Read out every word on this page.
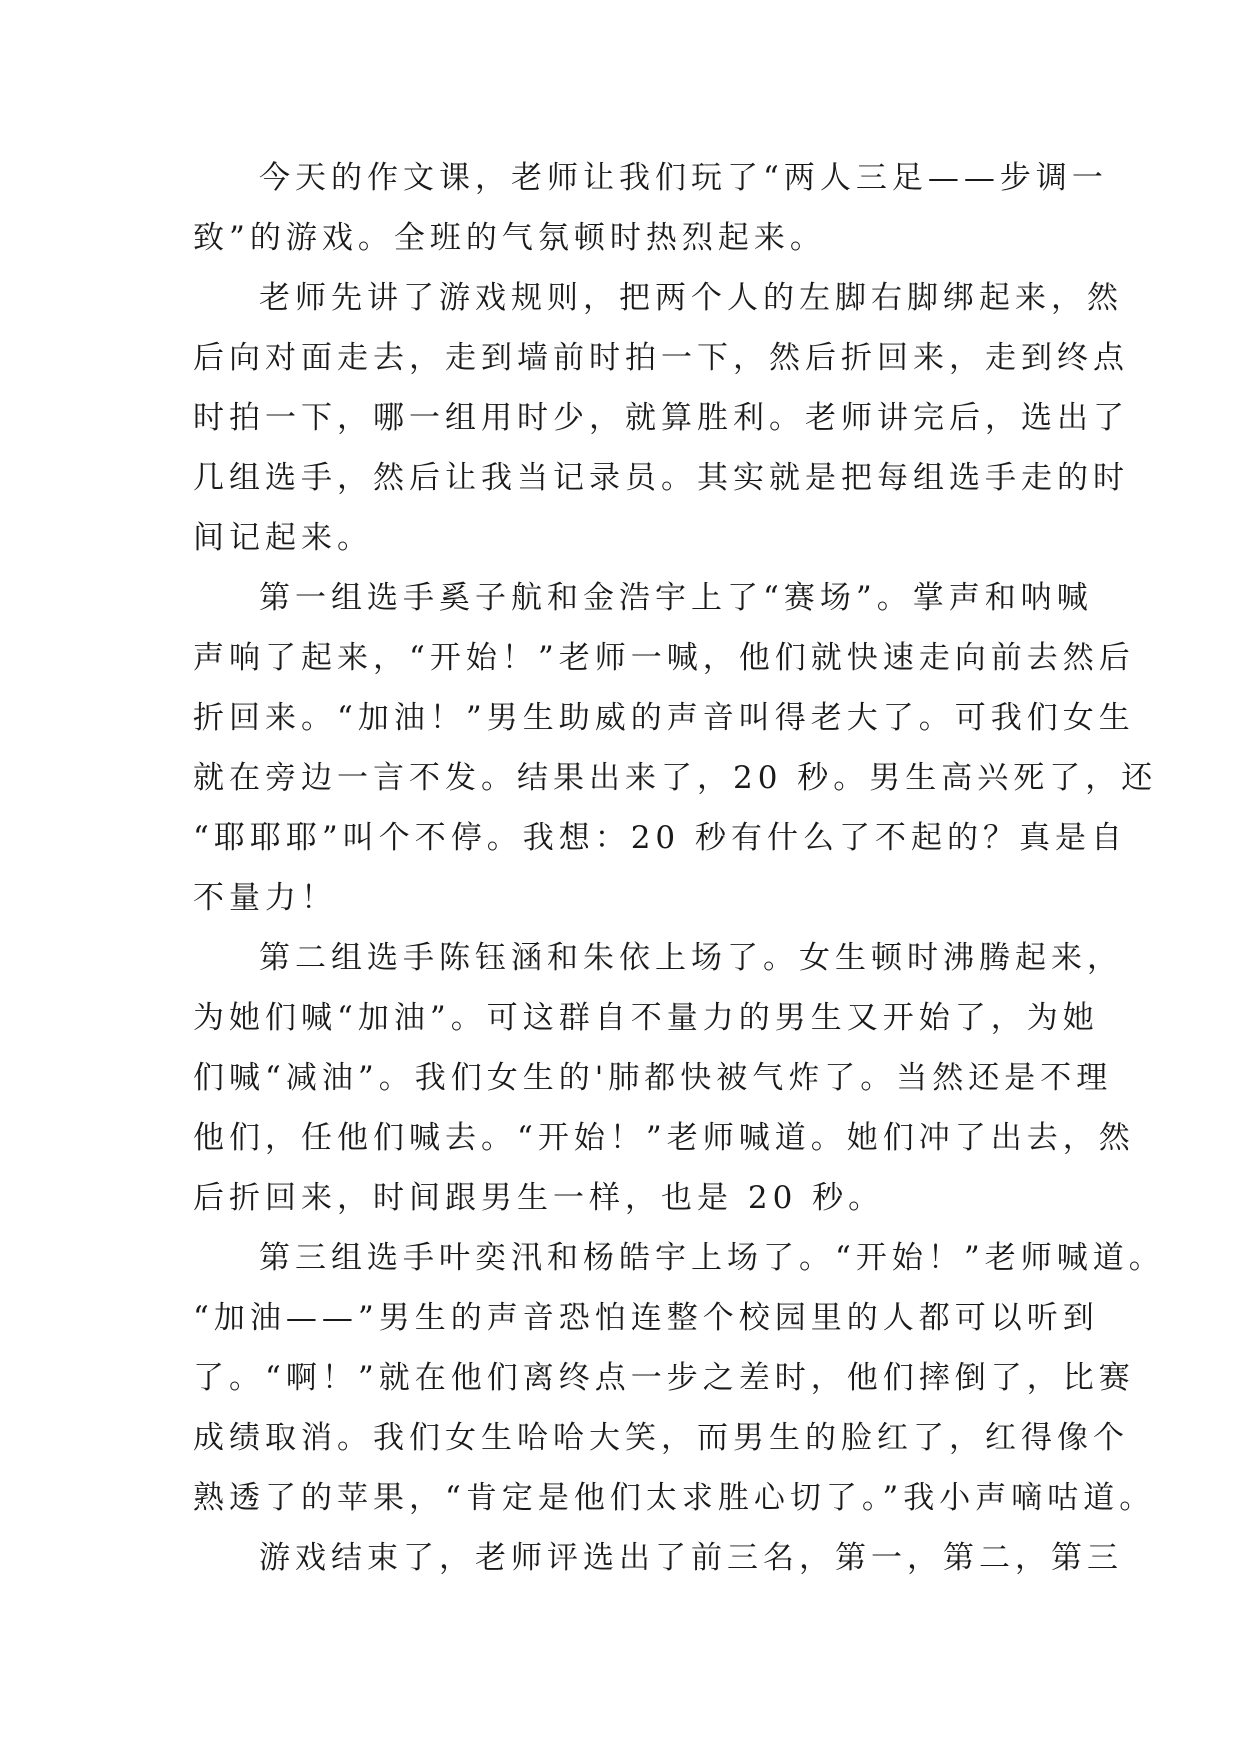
今天的作文课，老师让我们玩了“两人三足——步调一
致”的游戏。全班的气氛顿时热烈起来。
老师先讲了游戏规则，把两个人的左脚右脚绑起来，然
后向对面走去，走到墙前时拍一下，然后折回来，走到终点
时拍一下，哪一组用时少，就算胜利。老师讲完后，选出了
几组选手，然后让我当记录员。其实就是把每组选手走的时
间记起来。
第一组选手奚子航和金浩宇上了“赛场”。掌声和呐喊
声响了起来，“开始！”老师一喊，他们就快速走向前去然后
折回来。“加油！”男生助威的声音叫得老大了。可我们女生
就在旁边一言不发。结果出来了，20 秒。男生高兴死了，还
“耶耶耶”叫个不停。我想：20 秒有什么了不起的？真是自
不量力！
第二组选手陈钰涵和朱依上场了。女生顿时沸腾起来，
为她们喊“加油”。可这群自不量力的男生又开始了，为她
们喊“减油”。我们女生的'肺都快被气炸了。当然还是不理
他们，任他们喊去。“开始！”老师喊道。她们冲了出去，然
后折回来，时间跟男生一样，也是 20 秒。
第三组选手叶奕汛和杨皓宇上场了。“开始！”老师喊道。
“加油——”男生的声音恐怕连整个校园里的人都可以听到
了。“啊！”就在他们离终点一步之差时，他们摔倒了，比赛
成绩取消。我们女生哈哈大笑，而男生的脸红了，红得像个
熟透了的苹果，“肯定是他们太求胜心切了。”我小声嘀咕道。
游戏结束了，老师评选出了前三名，第一，第二，第三
